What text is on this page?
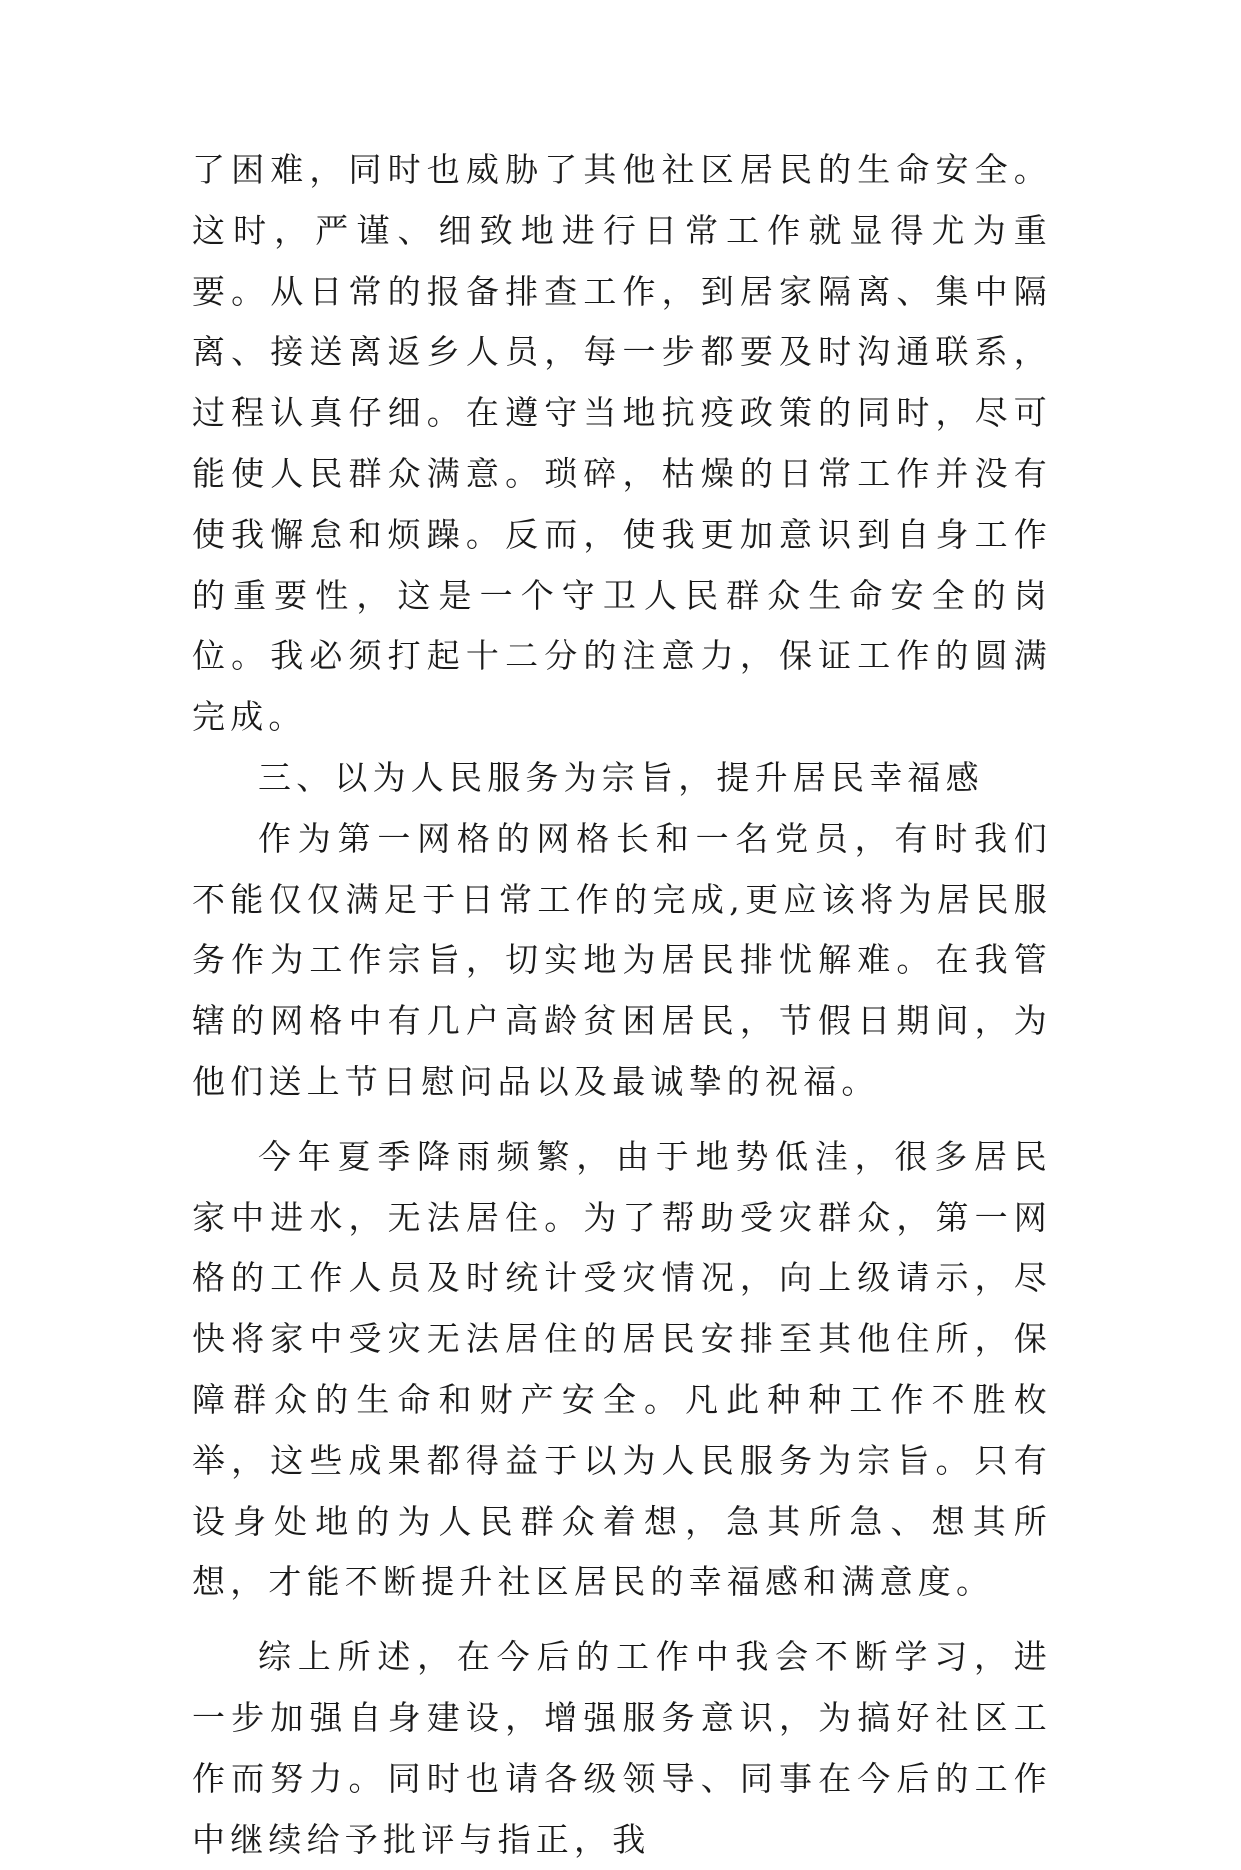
了困难，同时也威胁了其他社区居民的生命安全。这时，严谨、细致地进行日常工作就显得尤为重要。从日常的报备排查工作，到居家隔离、集中隔离、接送离返乡人员，每一步都要及时沟通联系，过程认真仔细。在遵守当地抗疫政策的同时，尽可能使人民群众满意。琐碎，枯燥的日常工作并没有使我懈怠和烦躁。反而，使我更加意识到自身工作的重要性，这是一个守卫人民群众生命安全的岗位。我必须打起十二分的注意力，保证工作的圆满完成。

三、以为人民服务为宗旨，提升居民幸福感

作为第一网格的网格长和一名党员，有时我们不能仅仅满足于日常工作的完成,更应该将为居民服务作为工作宗旨，切实地为居民排忧解难。在我管辖的网格中有几户高龄贫困居民，节假日期间，为他们送上节日慰问品以及最诚挚的祝福。

今年夏季降雨频繁，由于地势低洼，很多居民家中进水，无法居住。为了帮助受灾群众，第一网格的工作人员及时统计受灾情况，向上级请示，尽快将家中受灾无法居住的居民安排至其他住所，保障群众的生命和财产安全。凡此种种工作不胜枚举，这些成果都得益于以为人民服务为宗旨。只有设身处地的为人民群众着想，急其所急、想其所想，才能不断提升社区居民的幸福感和满意度。

综上所述，在今后的工作中我会不断学习，进一步加强自身建设，增强服务意识，为搞好社区工作而努力。同时也请各级领导、同事在今后的工作中继续给予批评与指正，我
